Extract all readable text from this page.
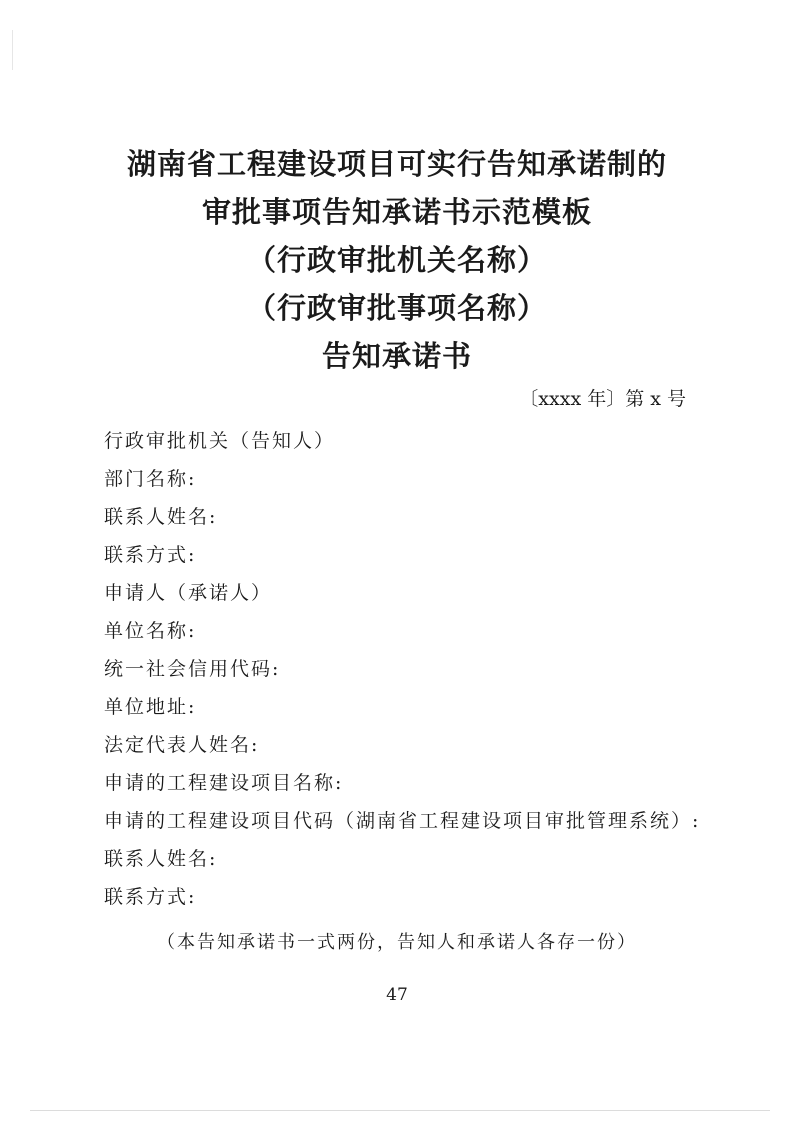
湖南省工程建设项目可实行告知承诺制的
审批事项告知承诺书示范模板
（行政审批机关名称）
（行政审批事项名称）
告知承诺书
〔xxxx 年〕第 x 号
行政审批机关（告知人）
部门名称:
联系人姓名:
联系方式:
申请人（承诺人）
单位名称:
统一社会信用代码:
单位地址:
法定代表人姓名:
申请的工程建设项目名称:
申请的工程建设项目代码（湖南省工程建设项目审批管理系统）:
联系人姓名:
联系方式:
（本告知承诺书一式两份，告知人和承诺人各存一份）
47
